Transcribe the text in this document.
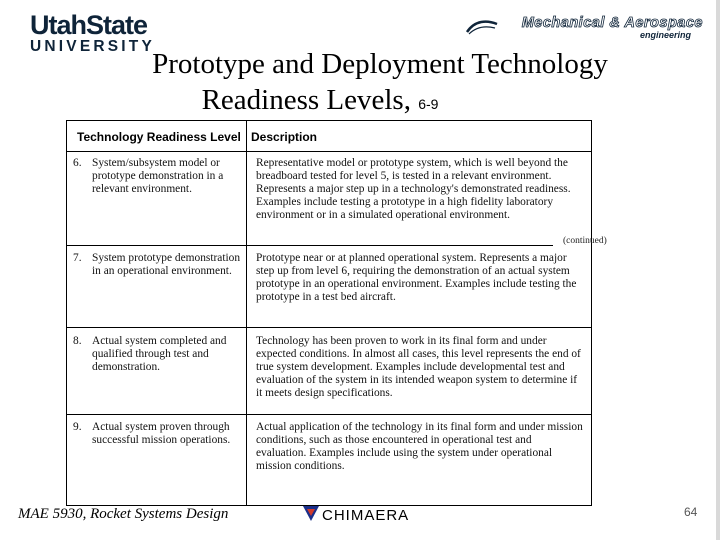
UtahState
UNIVERSITY
Mechanical & Aerospace
engineering
Prototype and Deployment Technology
Readiness Levels, 6-9
Technology Readiness Level Description
6. System/subsystem model or prototype demonstration in a relevant environment.
Representative model or prototype system, which is well beyond the breadboard tested for level 5, is tested in a relevant environment. Represents a major step up in a technology's demonstrated readiness. Examples include testing a prototype in a high fidelity laboratory environment or in a simulated operational environment.
7. System prototype demonstration in an operational environment.
Prototype near or at planned operational system. Represents a major step up from level 6, requiring the demonstration of an actual system prototype in an operational environment. Examples include testing the prototype in a test bed aircraft.
8. Actual system completed and qualified through test and demonstration.
Technology has been proven to work in its final form and under expected conditions. In almost all cases, this level represents the end of true system development. Examples include developmental test and evaluation of the system in its intended weapon system to determine if it meets design specifications.
9. Actual system proven through successful mission operations.
Actual application of the technology in its final form and under mission conditions, such as those encountered in operational test and evaluation. Examples include using the system under operational mission conditions.
(continued)
MAE 5930, Rocket Systems Design	CHIMAERA	64
